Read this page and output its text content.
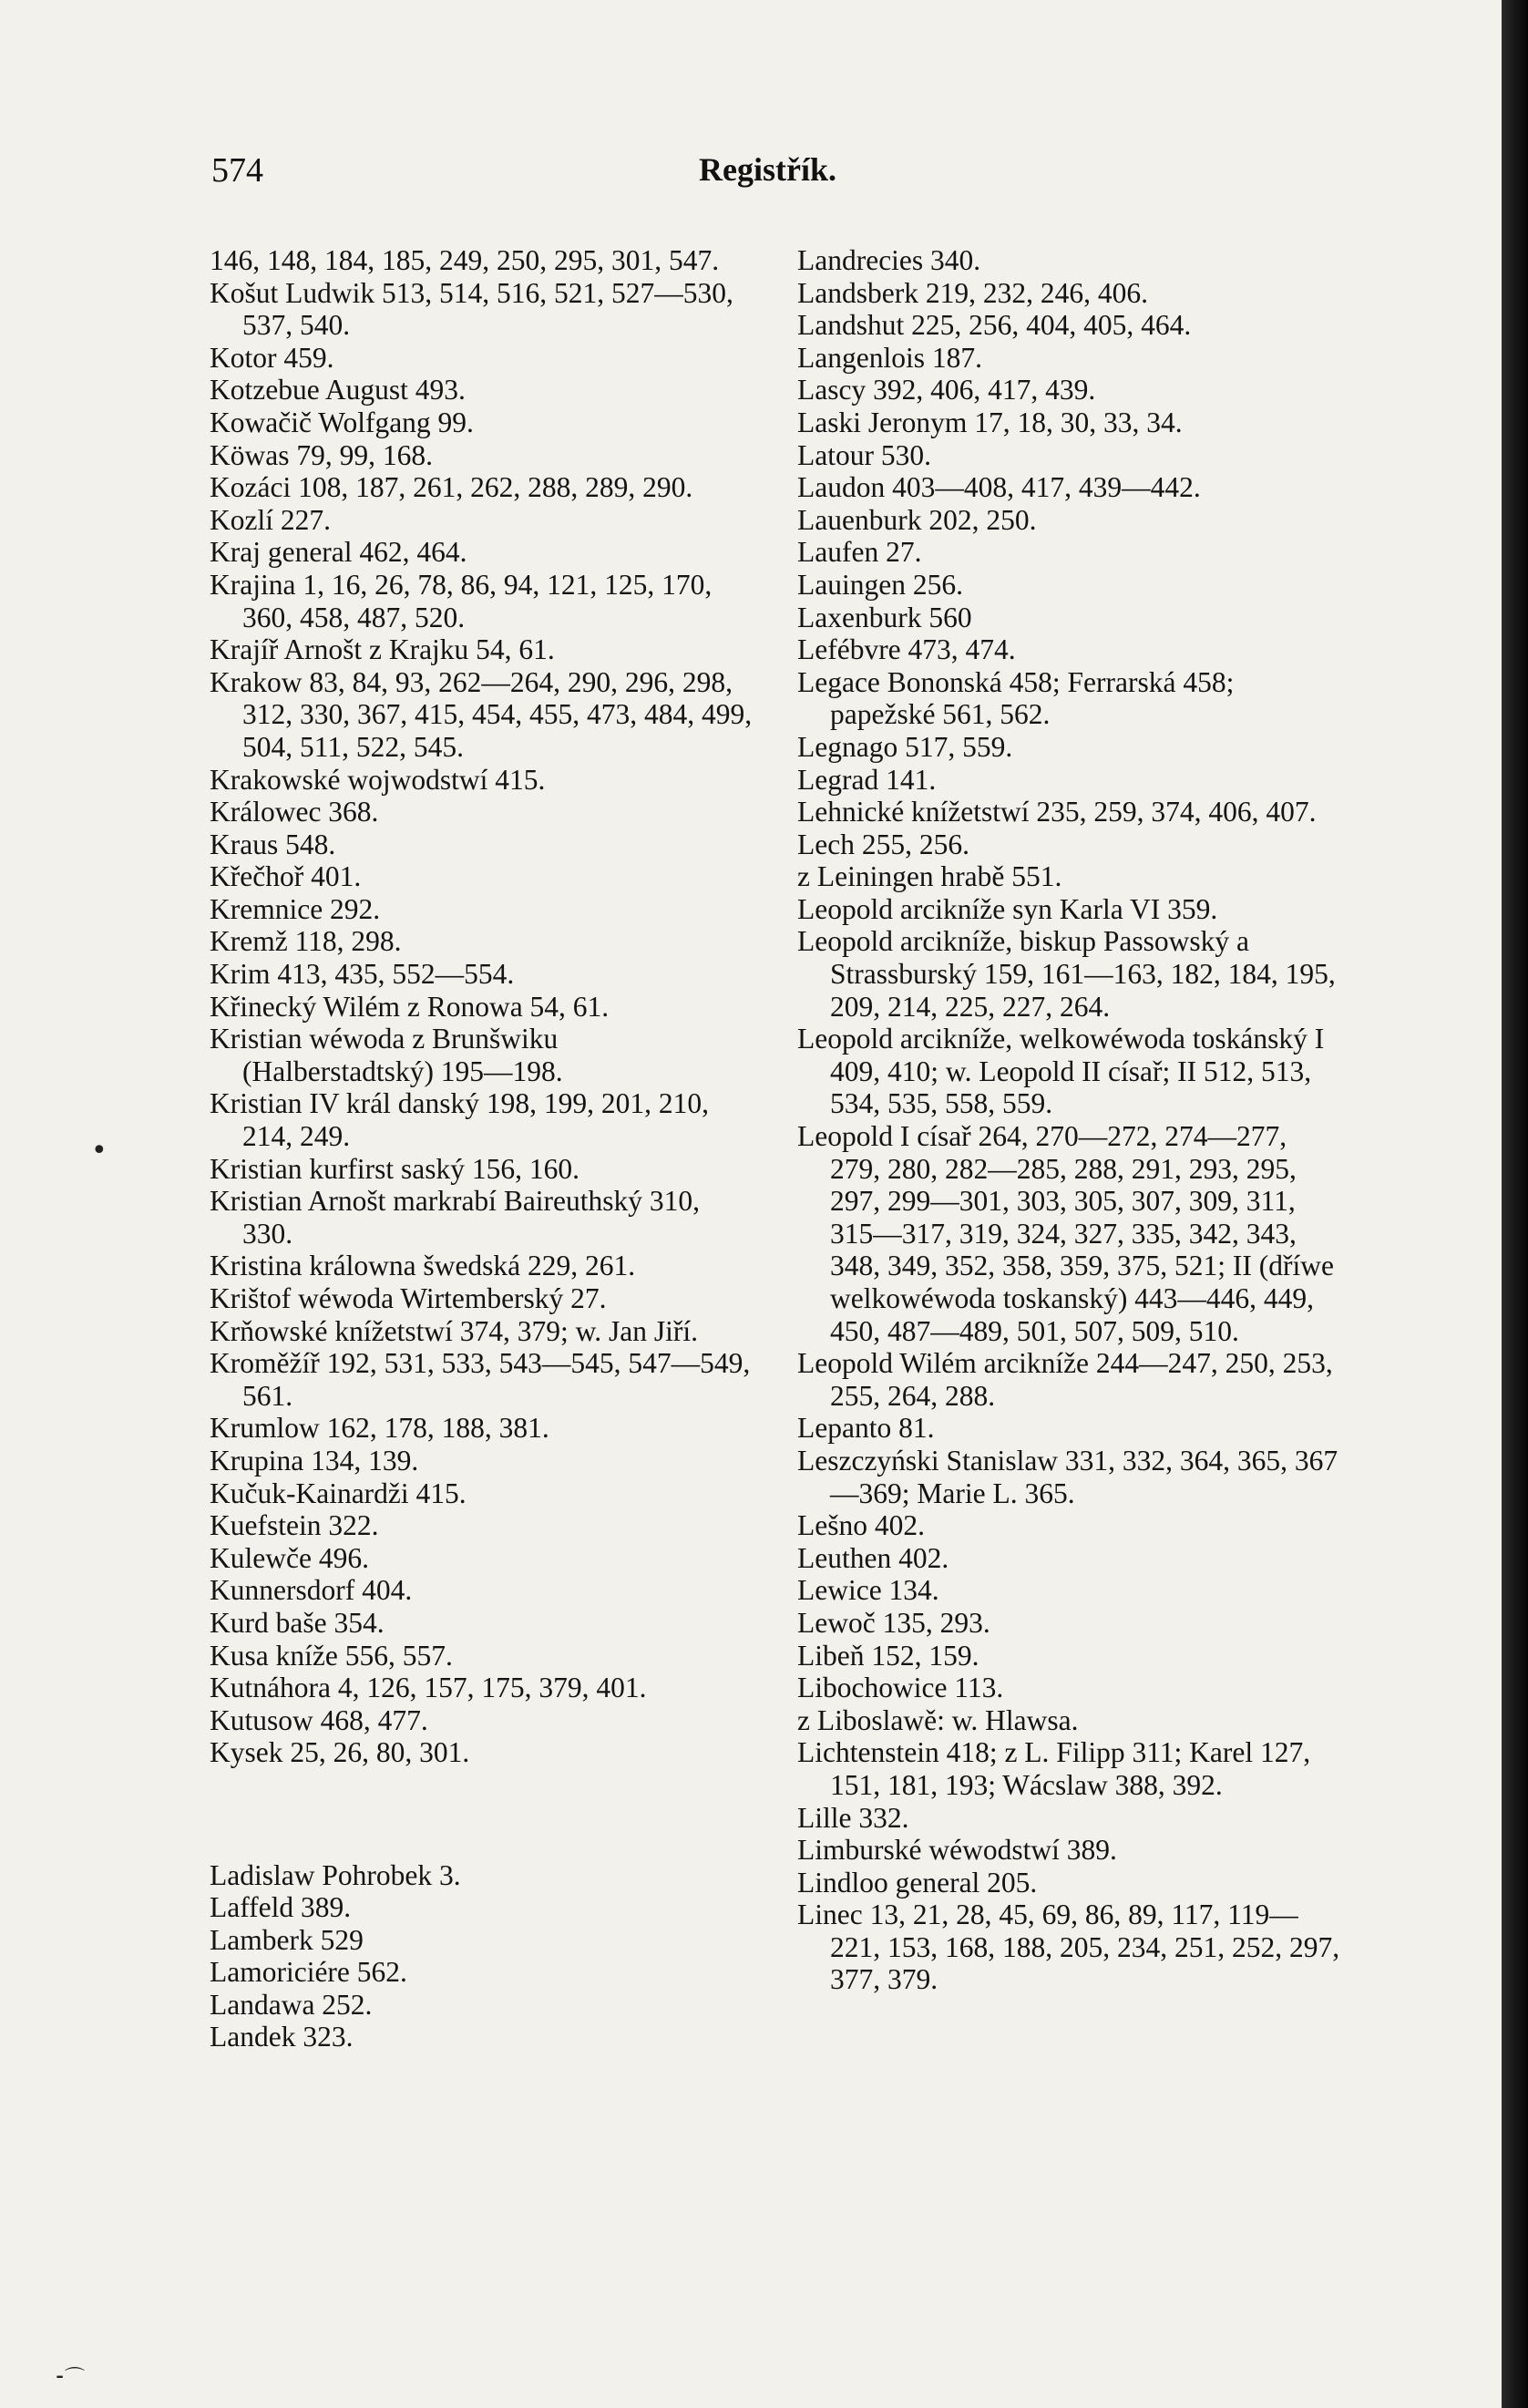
574	Registřík.

146, 148, 184, 185, 249, 250, 295, 301, 547.

Košut Ludwik 513, 514, 516, 521, 527—530, 537, 540.

Kotor 459.

Kotzebue August 493.

Kowačič Wolfgang 99.

Köwas 79, 99, 168.

Kozáci 108, 187, 261, 262, 288, 289, 290.

Kozlí 227.

Kraj general 462, 464.

Krajina 1, 16, 26, 78, 86, 94, 121, 125, 170, 360, 458, 487, 520.

Krajíř Arnošt z Krajku 54, 61.

Krakow 83, 84, 93, 262—264, 290, 296, 298, 312, 330, 367, 415, 454, 455, 473, 484, 499, 504, 511, 522, 545.

Krakowské wojwodstwí 415.

Králowec 368.

Kraus 548.

Křečhoř 401.

Kremnice 292.

Kremž 118, 298.

Krim 413, 435, 552—554.

Křinecký Wilém z Ronowa 54, 61.

Kristian wéwoda z Brunšwiku (Halberstadtský) 195—198.

Kristian IV král danský 198, 199, 201, 210, 214, 249.

Kristian kurfirst saský 156, 160.

Kristian Arnošt markrabí Baireuthský 310, 330.

Kristina králowna šwedská 229, 261.

Krištof wéwoda Wirtemberský 27.

Krňowské knížetstwí 374, 379; w. Jan Jiří.

Kroměžíř 192, 531, 533, 543—545, 547—549, 561.

Krumlow 162, 178, 188, 381.

Krupina 134, 139.

Kučuk-Kainardži 415.

Kuefstein 322.

Kulewče 496.

Kunnersdorf 404.

Kurd baše 354.

Kusa kníže 556, 557.

Kutnáhora 4, 126, 157, 175, 379, 401.

Kutusow 468, 477.

Kysek 25, 26, 80, 301.

Ladislaw Pohrobek 3.

Laffeld 389.

Lamberk 529

Lamoriciére 562.

Landawa 252.

Landek 323.

Landrecies 340.

Landsberk 219, 232, 246, 406.

Landshut 225, 256, 404, 405, 464.

Langenlois 187.

Lascy 392, 406, 417, 439.

Laski Jeronym 17, 18, 30, 33, 34.

Latour 530.

Laudon 403—408, 417, 439—442.

Lauenburk 202, 250.

Laufen 27.

Lauingen 256.

Laxenburk 560

Lefébvre 473, 474.

Legace Bononská 458; Ferrarská 458; papežské 561, 562.

Legnago 517, 559.

Legrad 141.

Lehnické knížetstwí 235, 259, 374, 406, 407.

Lech 255, 256.

z Leiningen hrabě 551.

Leopold arcikníže syn Karla VI 359.

Leopold arcikníže, biskup Passowský a Strassburský 159, 161—163, 182, 184, 195, 209, 214, 225, 227, 264.

Leopold arcikníže, welkowéwoda toskánský I 409, 410; w. Leopold II císař; II 512, 513, 534, 535, 558, 559.

Leopold I císař 264, 270—272, 274—277, 279, 280, 282—285, 288, 291, 293, 295, 297, 299—301, 303, 305, 307, 309, 311, 315—317, 319, 324, 327, 335, 342, 343, 348, 349, 352, 358, 359, 375, 521; II (dříwe welkowéwoda toskanský) 443—446, 449, 450, 487—489, 501, 507, 509, 510.

Leopold Wilém arcikníže 244—247, 250, 253, 255, 264, 288.

Lepanto 81.

Leszczyński Stanislaw 331, 332, 364, 365, 367—369; Marie L. 365.

Lešno 402.

Leuthen 402.

Lewice 134.

Lewoč 135, 293.

Libeň 152, 159.

Libochowice 113.

z Liboslawě: w. Hlawsa.

Lichtenstein 418; z L. Filipp 311; Karel 127, 151, 181, 193; Wácslaw 388, 392.

Lille 332.

Limburské wéwodstwí 389.

Lindloo general 205.

Linec 13, 21, 28, 45, 69, 86, 89, 117, 119—221, 153, 168, 188, 205, 234, 251, 252, 297, 377, 379.

•
⁃⌒
